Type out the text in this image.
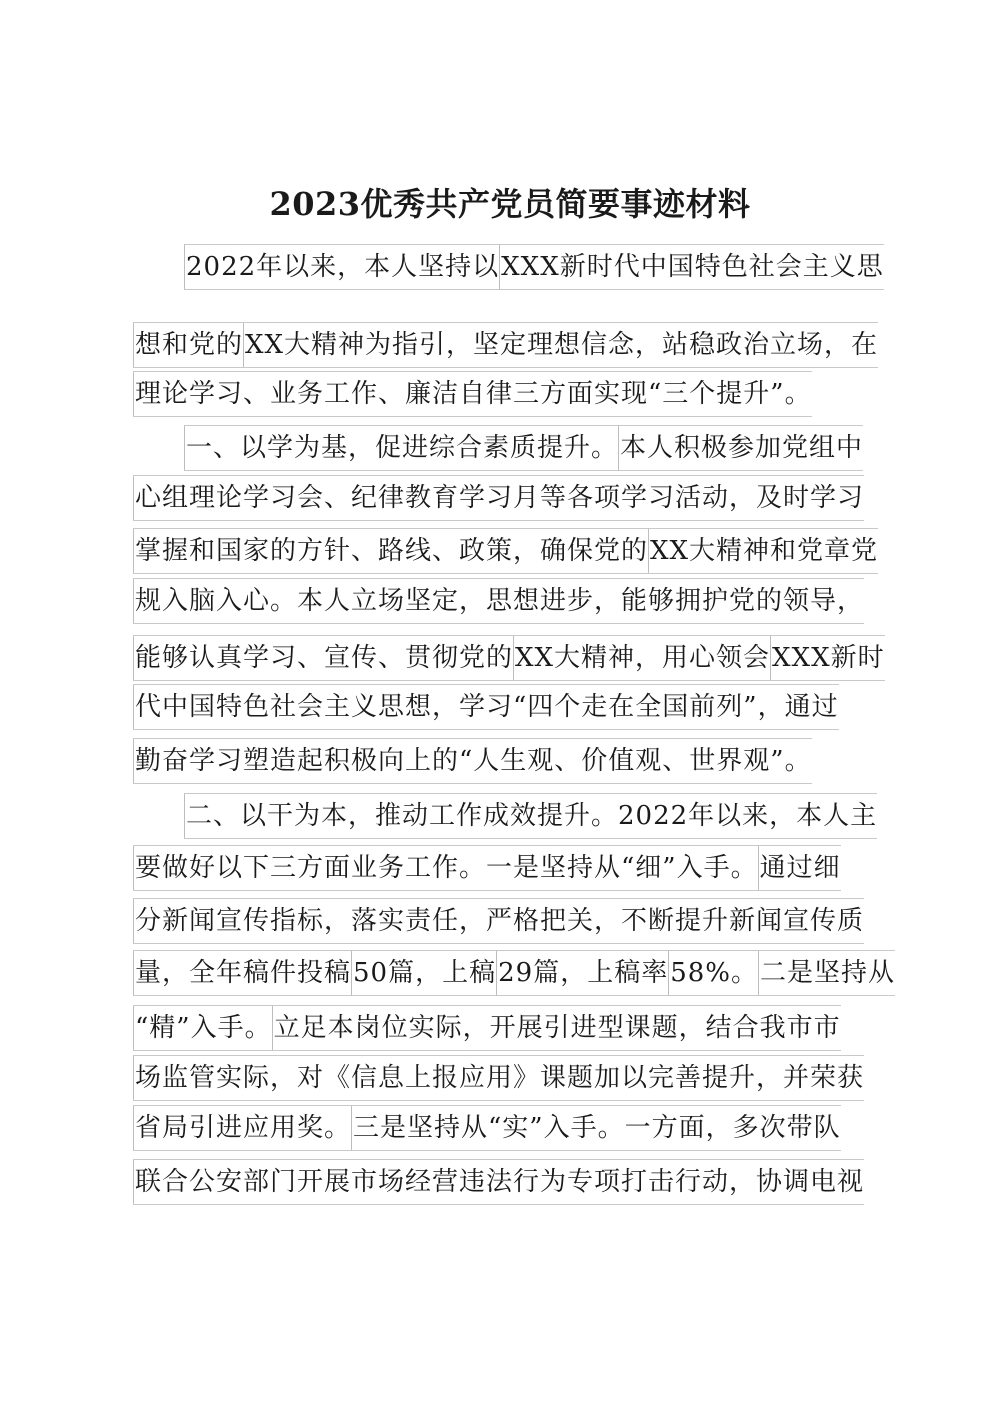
2023优秀共产党员简要事迹材料
2022年以来，本人坚持以XXX新时代中国特色社会主义思
想和党的XX大精神为指引，坚定理想信念，站稳政治立场，在
理论学习、业务工作、廉洁自律三方面实现“三个提升”。
一、以学为基，促进综合素质提升。本人积极参加党组中
心组理论学习会、纪律教育学习月等各项学习活动，及时学习
掌握和国家的方针、路线、政策，确保党的XX大精神和党章党
规入脑入心。本人立场坚定，思想进步，能够拥护党的领导，
能够认真学习、宣传、贯彻党的XX大精神，用心领会XXX新时
代中国特色社会主义思想，学习“四个走在全国前列”，通过
勤奋学习塑造起积极向上的“人生观、价值观、世界观”。
二、以干为本，推动工作成效提升。2022年以来，本人主
要做好以下三方面业务工作。一是坚持从“细”入手。通过细
分新闻宣传指标，落实责任，严格把关，不断提升新闻宣传质
量，全年稿件投稿50篇，上稿29篇，上稿率58%。二是坚持从
“精”入手。立足本岗位实际，开展引进型课题，结合我市市
场监管实际，对《信息上报应用》课题加以完善提升，并荣获
省局引进应用奖。三是坚持从“实”入手。一方面，多次带队
联合公安部门开展市场经营违法行为专项打击行动，协调电视
